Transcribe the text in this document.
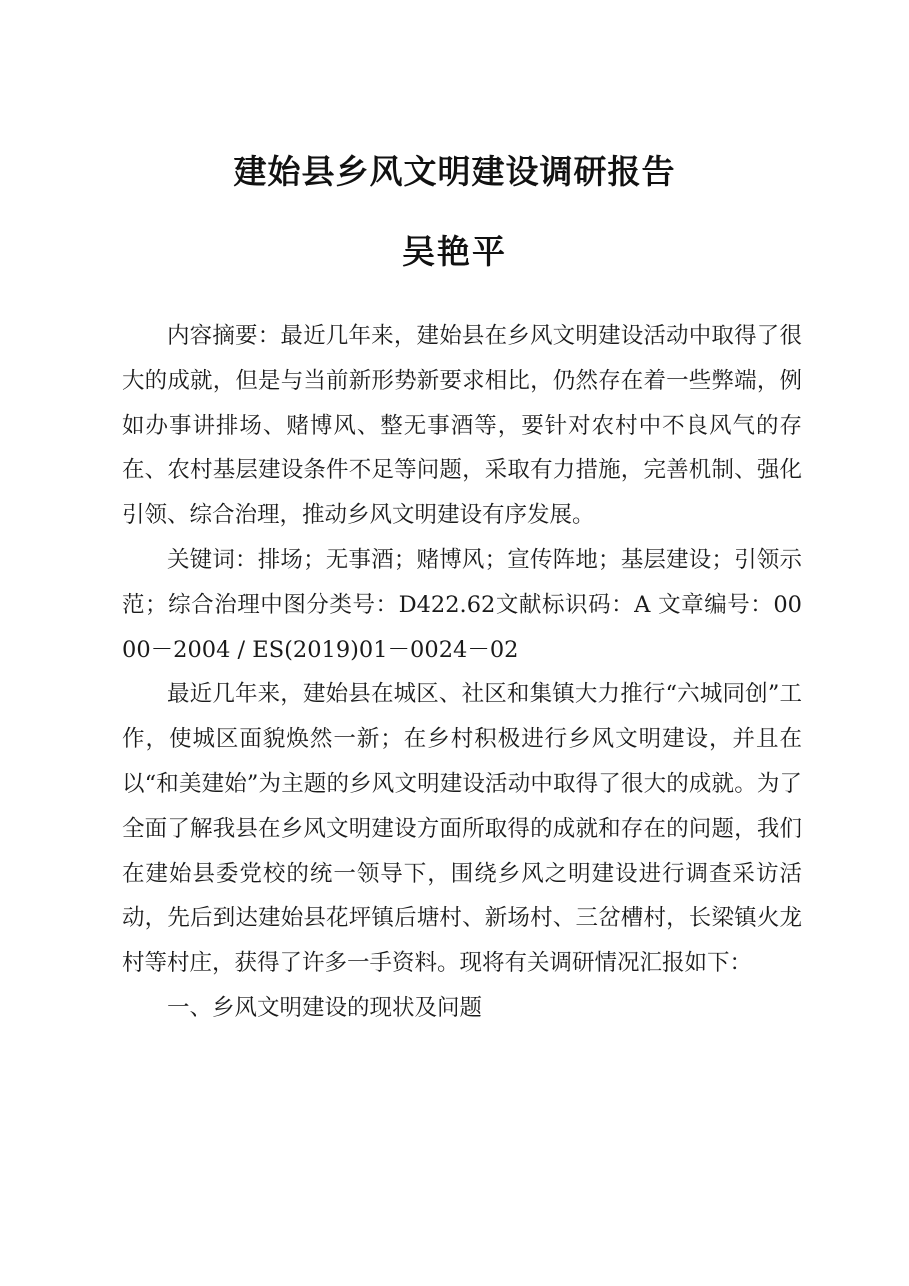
建始县乡风文明建设调研报告
吴艳平

内容摘要：最近几年来，建始县在乡风文明建设活动中取得了很大的成就，但是与当前新形势新要求相比，仍然存在着一些弊端，例如办事讲排场、赌博风、整无事酒等，要针对农村中不良风气的存在、农村基层建设条件不足等问题，采取有力措施，完善机制、强化引领、综合治理，推动乡风文明建设有序发展。

关键词：排场；无事酒；赌博风；宣传阵地；基层建设；引领示范；综合治理中图分类号：D422.62文献标识码：A 文章编号：0000－2004 / ES(2019)01－0024－02

最近几年来，建始县在城区、社区和集镇大力推行“六城同创”工作，使城区面貌焕然一新；在乡村积极进行乡风文明建设，并且在以“和美建始”为主题的乡风文明建设活动中取得了很大的成就。为了全面了解我县在乡风文明建设方面所取得的成就和存在的问题，我们在建始县委党校的统一领导下，围绕乡风之明建设进行调查采访活动，先后到达建始县花坪镇后塘村、新场村、三岔槽村，长梁镇火龙村等村庄，获得了许多一手资料。现将有关调研情况汇报如下：

一、乡风文明建设的现状及问题
